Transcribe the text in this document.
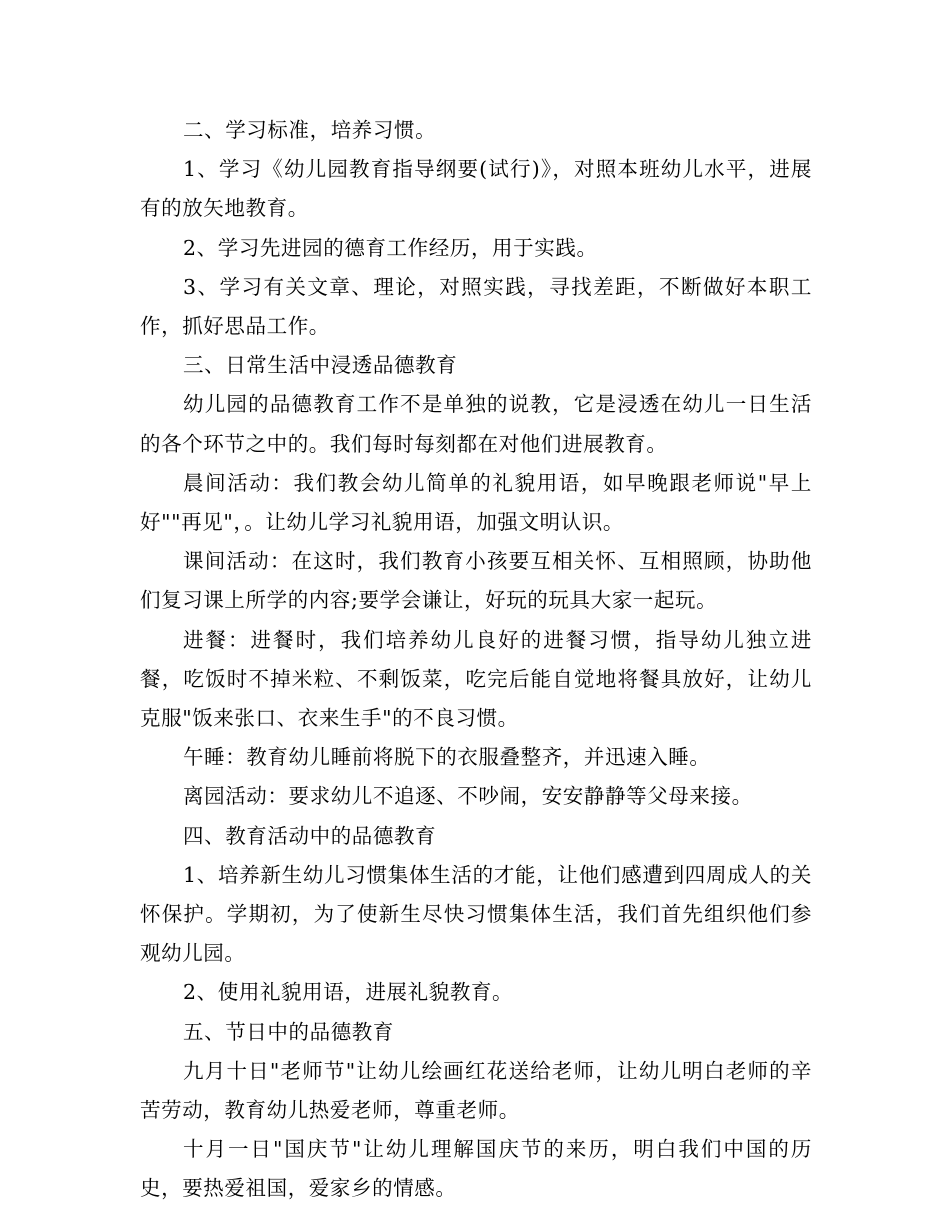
二、学习标准，培养习惯。

1、学习《幼儿园教育指导纲要(试行)》，对照本班幼儿水平，进展有的放矢地教育。

2、学习先进园的德育工作经历，用于实践。

3、学习有关文章、理论，对照实践，寻找差距，不断做好本职工作，抓好思品工作。

三、日常生活中浸透品德教育

幼儿园的品德教育工作不是单独的说教，它是浸透在幼儿一日生活的各个环节之中的。我们每时每刻都在对他们进展教育。

晨间活动：我们教会幼儿简单的礼貌用语，如早晚跟老师说"早上好""再见"，。让幼儿学习礼貌用语，加强文明认识。

课间活动：在这时，我们教育小孩要互相关怀、互相照顾，协助他们复习课上所学的内容;要学会谦让，好玩的玩具大家一起玩。

进餐：进餐时，我们培养幼儿良好的进餐习惯，指导幼儿独立进餐，吃饭时不掉米粒、不剩饭菜，吃完后能自觉地将餐具放好，让幼儿克服"饭来张口、衣来生手"的不良习惯。

午睡：教育幼儿睡前将脱下的衣服叠整齐，并迅速入睡。

离园活动：要求幼儿不追逐、不吵闹，安安静静等父母来接。

四、教育活动中的品德教育

1、培养新生幼儿习惯集体生活的才能，让他们感遭到四周成人的关怀保护。学期初，为了使新生尽快习惯集体生活，我们首先组织他们参观幼儿园。

2、使用礼貌用语，进展礼貌教育。

五、节日中的品德教育

九月十日"老师节"让幼儿绘画红花送给老师，让幼儿明白老师的辛苦劳动，教育幼儿热爱老师，尊重老师。

十月一日"国庆节"让幼儿理解国庆节的来历，明白我们中国的历史，要热爱祖国，爱家乡的情感。
